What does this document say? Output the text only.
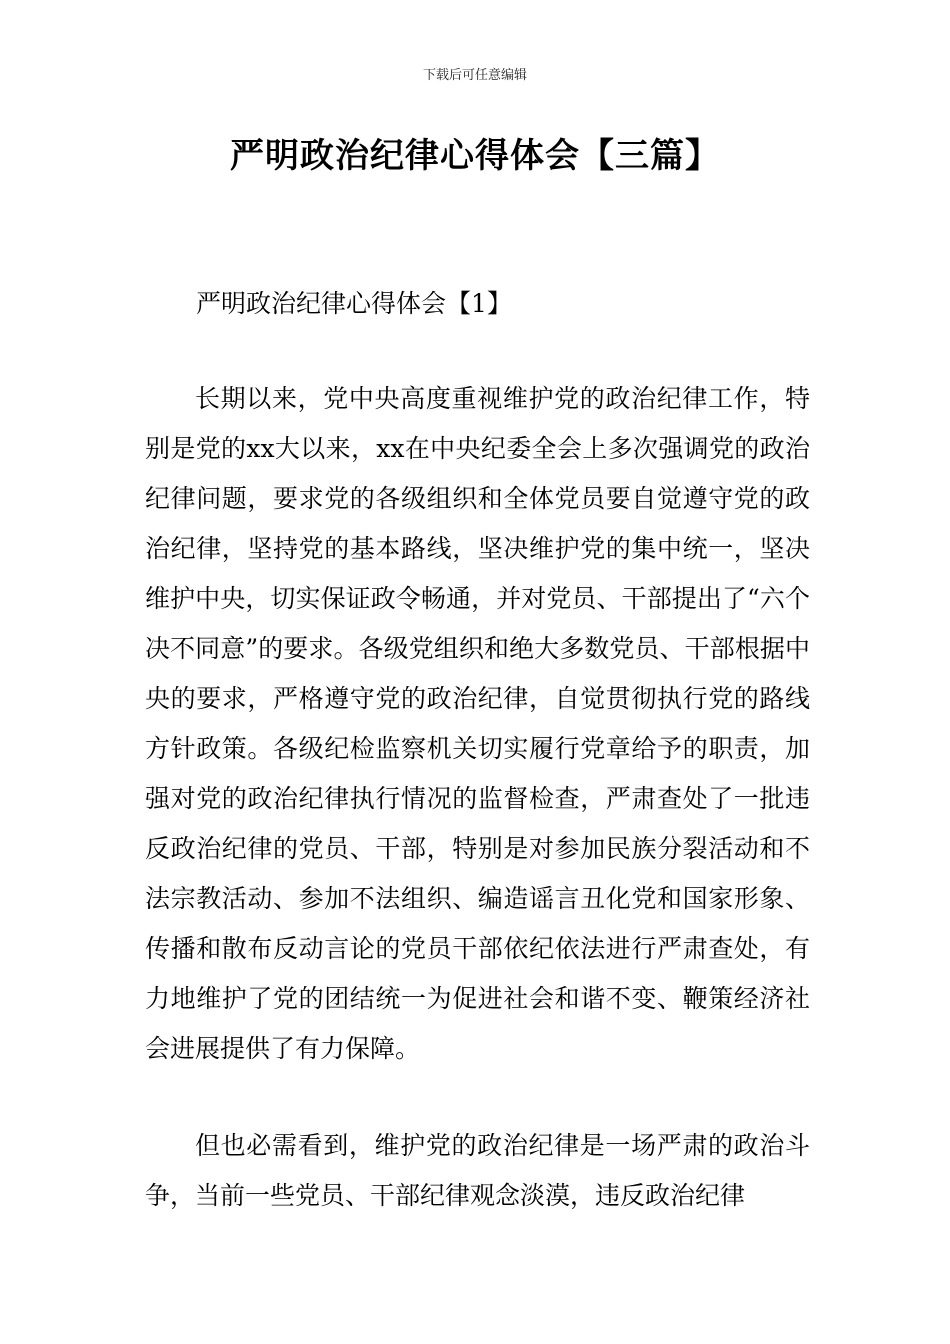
下载后可任意编辑
严明政治纪律心得体会【三篇】
严明政治纪律心得体会【1】

长期以来，党中央高度重视维护党的政治纪律工作，特别是党的xx大以来，xx在中央纪委全会上多次强调党的政治纪律问题，要求党的各级组织和全体党员要自觉遵守党的政治纪律，坚持党的基本路线，坚决维护党的集中统一，坚决维护中央，切实保证政令畅通，并对党员、干部提出了“六个决不同意”的要求。各级党组织和绝大多数党员、干部根据中央的要求，严格遵守党的政治纪律，自觉贯彻执行党的路线方针政策。各级纪检监察机关切实履行党章给予的职责，加强对党的政治纪律执行情况的监督检查，严肃查处了一批违反政治纪律的党员、干部，特别是对参加民族分裂活动和不法宗教活动、参加不法组织、编造谣言丑化党和国家形象、传播和散布反动言论的党员干部依纪依法进行严肃查处，有力地维护了党的团结统一为促进社会和谐不变、鞭策经济社会进展提供了有力保障。

但也必需看到，维护党的政治纪律是一场严肃的政治斗争，当前一些党员、干部纪律观念淡漠，违反政治纪律
